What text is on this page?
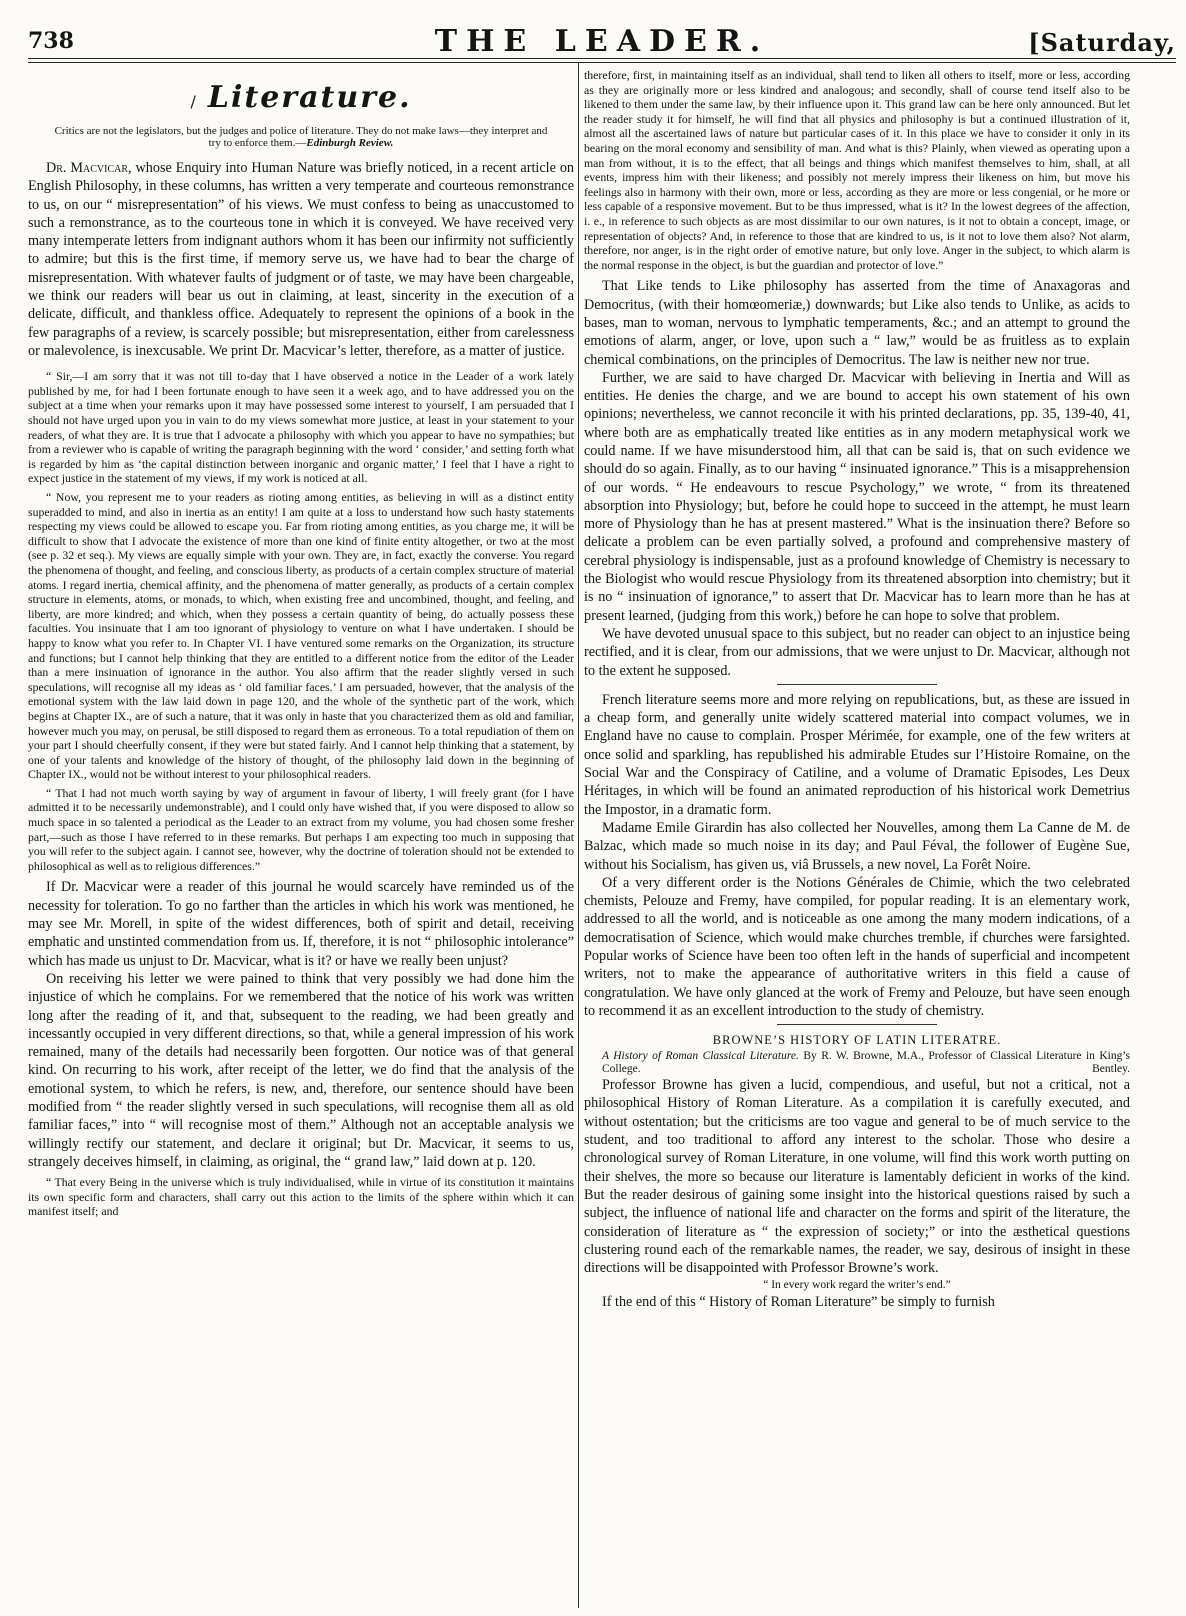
738	THE LEADER.	[Saturday,
/ Literature.

Critics are not the legislators, but the judges and police of literature. They do not make laws—they interpret and try to enforce them.—Edinburgh Review.

Dr. Macvicar, whose Enquiry into Human Nature was briefly noticed, in a recent article on English Philosophy, in these columns, has written a very temperate and courteous remonstrance to us, on our “ misrepresentation” of his views. We must confess to being as unaccustomed to such a remonstrance, as to the courteous tone in which it is conveyed. We have received very many intemperate letters from indignant authors whom it has been our infirmity not sufficiently to admire; but this is the first time, if memory serve us, we have had to bear the charge of misrepresentation. With whatever faults of judgment or of taste, we may have been chargeable, we think our readers will bear us out in claiming, at least, sincerity in the execution of a delicate, difficult, and thankless office. Adequately to represent the opinions of a book in the few paragraphs of a review, is scarcely possible; but misrepresentation, either from carelessness or malevolence, is inexcusable. We print Dr. Macvicar’s letter, therefore, as a matter of justice.

“ Sir,—I am sorry that it was not till to-day that I have observed a notice in the Leader of a work lately published by me, for had I been fortunate enough to have seen it a week ago, and to have addressed you on the subject at a time when your remarks upon it may have possessed some interest to yourself, I am persuaded that I should not have urged upon you in vain to do my views somewhat more justice, at least in your statement to your readers, of what they are. It is true that I advocate a philosophy with which you appear to have no sympathies; but from a reviewer who is capable of writing the paragraph beginning with the word ‘ consider,’ and setting forth what is regarded by him as ‘the capital distinction between inorganic and organic matter,’ I feel that I have a right to expect justice in the statement of my views, if my work is noticed at all.

“ Now, you represent me to your readers as rioting among entities, as believing in will as a distinct entity superadded to mind, and also in inertia as an entity! I am quite at a loss to understand how such hasty statements respecting my views could be allowed to escape you. Far from rioting among entities, as you charge me, it will be difficult to show that I advocate the existence of more than one kind of finite entity altogether, or two at the most (see p. 32 et seq.). My views are equally simple with your own. They are, in fact, exactly the converse. You regard the phenomena of thought, and feeling, and conscious liberty, as products of a certain complex structure of material atoms. I regard inertia, chemical affinity, and the phenomena of matter generally, as products of a certain complex structure in elements, atoms, or monads, to which, when existing free and uncombined, thought, and feeling, and liberty, are more kindred; and which, when they possess a certain quantity of being, do actually possess these faculties. You insinuate that I am too ignorant of physiology to venture on what I have undertaken. I should be happy to know what you refer to. In Chapter VI. I have ventured some remarks on the Organization, its structure and functions; but I cannot help thinking that they are entitled to a different notice from the editor of the Leader than a mere insinuation of ignorance in the author. You also affirm that the reader slightly versed in such speculations, will recognise all my ideas as ‘ old familiar faces.’ I am persuaded, however, that the analysis of the emotional system with the law laid down in page 120, and the whole of the synthetic part of the work, which begins at Chapter IX., are of such a nature, that it was only in haste that you characterized them as old and familiar, however much you may, on perusal, be still disposed to regard them as erroneous. To a total repudiation of them on your part I should cheerfully consent, if they were but stated fairly. And I cannot help thinking that a statement, by one of your talents and knowledge of the history of thought, of the philosophy laid down in the beginning of Chapter IX., would not be without interest to your philosophical readers.

“ That I had not much worth saying by way of argument in favour of liberty, I will freely grant (for I have admitted it to be necessarily undemonstrable), and I could only have wished that, if you were disposed to allow so much space in so talented a periodical as the Leader to an extract from my volume, you had chosen some fresher part,—such as those I have referred to in these remarks. But perhaps I am expecting too much in supposing that you will refer to the subject again. I cannot see, however, why the doctrine of toleration should not be extended to philosophical as well as to religious differences.”

If Dr. Macvicar were a reader of this journal he would scarcely have reminded us of the necessity for toleration. To go no farther than the articles in which his work was mentioned, he may see Mr. Morell, in spite of the widest differences, both of spirit and detail, receiving emphatic and unstinted commendation from us. If, therefore, it is not “ philosophic intolerance” which has made us unjust to Dr. Macvicar, what is it? or have we really been unjust?

On receiving his letter we were pained to think that very possibly we had done him the injustice of which he complains. For we remembered that the notice of his work was written long after the reading of it, and that, subsequent to the reading, we had been greatly and incessantly occupied in very different directions, so that, while a general impression of his work remained, many of the details had necessarily been forgotten. Our notice was of that general kind. On recurring to his work, after receipt of the letter, we do find that the analysis of the emotional system, to which he refers, is new, and, therefore, our sentence should have been modified from “ the reader slightly versed in such speculations, will recognise them all as old familiar faces,” into “ will recognise most of them.” Although not an acceptable analysis we willingly rectify our statement, and declare it original; but Dr. Macvicar, it seems to us, strangely deceives himself, in claiming, as original, the “ grand law,” laid down at p. 120.

“ That every Being in the universe which is truly individualised, while in virtue of its constitution it maintains its own specific form and characters, shall carry out this action to the limits of the sphere within which it can manifest itself; and

therefore, first, in maintaining itself as an individual, shall tend to liken all others to itself, more or less, according as they are originally more or less kindred and analogous; and secondly, shall of course tend itself also to be likened to them under the same law, by their influence upon it. This grand law can be here only announced. But let the reader study it for himself, he will find that all physics and philosophy is but a continued illustration of it, almost all the ascertained laws of nature but particular cases of it. In this place we have to consider it only in its bearing on the moral economy and sensibility of man. And what is this? Plainly, when viewed as operating upon a man from without, it is to the effect, that all beings and things which manifest themselves to him, shall, at all events, impress him with their likeness; and possibly not merely impress their likeness on him, but move his feelings also in harmony with their own, more or less, according as they are more or less congenial, or he more or less capable of a responsive movement. But to be thus impressed, what is it? In the lowest degrees of the affection, i. e., in reference to such objects as are most dissimilar to our own natures, is it not to obtain a concept, image, or representation of objects? And, in reference to those that are kindred to us, is it not to love them also? Not alarm, therefore, nor anger, is in the right order of emotive nature, but only love. Anger in the subject, to which alarm is the normal response in the object, is but the guardian and protector of love.”

That Like tends to Like philosophy has asserted from the time of Anaxagoras and Democritus, (with their homœomeriæ,) downwards; but Like also tends to Unlike, as acids to bases, man to woman, nervous to lymphatic temperaments, &c.; and an attempt to ground the emotions of alarm, anger, or love, upon such a “ law,” would be as fruitless as to explain chemical combinations, on the principles of Democritus. The law is neither new nor true.

Further, we are said to have charged Dr. Macvicar with believing in Inertia and Will as entities. He denies the charge, and we are bound to accept his own statement of his own opinions; nevertheless, we cannot reconcile it with his printed declarations, pp. 35, 139-40, 41, where both are as emphatically treated like entities as in any modern metaphysical work we could name. If we have misunderstood him, all that can be said is, that on such evidence we should do so again. Finally, as to our having “ insinuated ignorance.” This is a misapprehension of our words. “ He endeavours to rescue Psychology,” we wrote, “ from its threatened absorption into Physiology; but, before he could hope to succeed in the attempt, he must learn more of Physiology than he has at present mastered.” What is the insinuation there? Before so delicate a problem can be even partially solved, a profound and comprehensive mastery of cerebral physiology is indispensable, just as a profound knowledge of Chemistry is necessary to the Biologist who would rescue Physiology from its threatened absorption into chemistry; but it is no “ insinuation of ignorance,” to assert that Dr. Macvicar has to learn more than he has at present learned, (judging from this work,) before he can hope to solve that problem.

We have devoted unusual space to this subject, but no reader can object to an injustice being rectified, and it is clear, from our admissions, that we were unjust to Dr. Macvicar, although not to the extent he supposed.

French literature seems more and more relying on republications, but, as these are issued in a cheap form, and generally unite widely scattered material into compact volumes, we in England have no cause to complain. Prosper Mérimée, for example, one of the few writers at once solid and sparkling, has republished his admirable Etudes sur l’Histoire Romaine, on the Social War and the Conspiracy of Catiline, and a volume of Dramatic Episodes, Les Deux Héritages, in which will be found an animated reproduction of his historical work Demetrius the Impostor, in a dramatic form.

Madame Emile Girardin has also collected her Nouvelles, among them La Canne de M. de Balzac, which made so much noise in its day; and Paul Féval, the follower of Eugène Sue, without his Socialism, has given us, viâ Brussels, a new novel, La Forêt Noire.

Of a very different order is the Notions Générales de Chimie, which the two celebrated chemists, Pelouze and Fremy, have compiled, for popular reading. It is an elementary work, addressed to all the world, and is noticeable as one among the many modern indications, of a democratisation of Science, which would make churches tremble, if churches were farsighted. Popular works of Science have been too often left in the hands of superficial and incompetent writers, not to make the appearance of authoritative writers in this field a cause of congratulation. We have only glanced at the work of Fremy and Pelouze, but have seen enough to recommend it as an excellent introduction to the study of chemistry.

BROWNE’S HISTORY OF LATIN LITERATRE.

A History of Roman Classical Literature. By R. W. Browne, M.A., Professor of Classical Literature in King’s College.	Bentley.

Professor Browne has given a lucid, compendious, and useful, but not a critical, not a philosophical History of Roman Literature. As a compilation it is carefully executed, and without ostentation; but the criticisms are too vague and general to be of much service to the student, and too traditional to afford any interest to the scholar. Those who desire a chronological survey of Roman Literature, in one volume, will find this work worth putting on their shelves, the more so because our literature is lamentably deficient in works of the kind. But the reader desirous of gaining some insight into the historical questions raised by such a subject, the influence of national life and character on the forms and spirit of the literature, the consideration of literature as “ the expression of society;” or into the æsthetical questions clustering round each of the remarkable names, the reader, we say, desirous of insight in these directions will be disappointed with Professor Browne’s work.

“ In every work regard the writer’s end.”

If the end of this “ History of Roman Literature” be simply to furnish
